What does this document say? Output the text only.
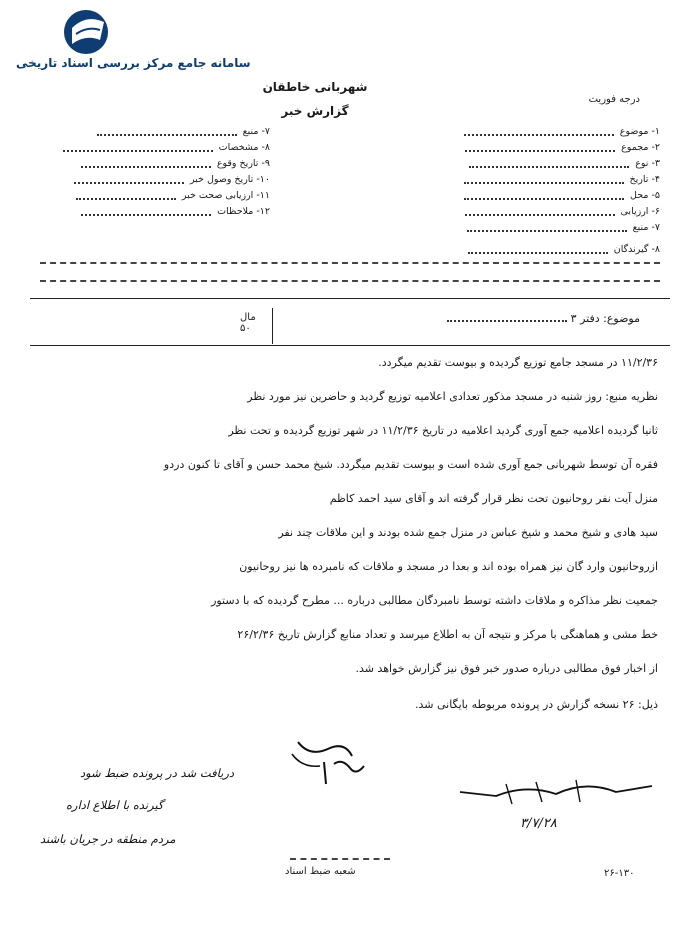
سامانه جامع مرکز بررسی اسناد تاریخی
شهربانی خاطقان
گزارش خبر
درجه فوریت
۷- منبع
۸- مشخصات
۹- تاریخ وقوع
۱۰- تاریخ وصول خبر
۱۱- ارزیابی صحت خبر
۱۲- ملاحظات
۱- موضوع
۲- مجموع
۳- نوع
۴- تاریخ
۵- محل
۶- ارزیابی
۷- منبع
۸- گیرندگان
موضوع: دفتر ۳
مال
۵۰
۱۱/۲/۳۶ در مسجد جامع توزیع گردیده و بیوست تقدیم میگردد.
نظریه منبع: روز شنبه در مسجد مذکور تعدادی اعلامیه توزیع گردید و حاضرین نیز مورد نظر
ثانیا گردیده اعلامیه جمع آوری گردید اعلامیه در تاریخ ۱۱/۲/۳۶ در شهر توزیع گردیده و تحت نظر
فقره آن توسط شهربانی جمع آوری شده است و بیوست تقدیم میگردد. شیخ محمد حسن و آقای تا کنون دردو
منزل آیت نفر روحانیون تحت نظر قرار گرفته اند و آقای سید احمد کاظم
سید هادی و شیخ محمد و شیخ عباس در منزل جمع شده بودند و این ملاقات چند نفر
ازروحانیون وارد گان نیز همراه بوده اند و بعدا در مسجد و ملاقات که نامبرده ها نیز روحانیون
جمعیت نظر مذاکره و ملاقات داشته توسط نامبردگان مطالبی درباره ... مطرح گردیده که با دستور
خط مشی و هماهنگی با مرکز و نتیجه آن به اطلاع میرسد و تعداد منابع گزارش تاریخ ۲۶/۲/۳۶
از اخبار فوق مطالبی درباره صدور خبر فوق نیز گزارش خواهد شد.
ذیل: ۲۶ نسخه گزارش در پرونده مربوطه بایگانی شد.
۳/۷/۲۸
دریافت شد در پرونده ضبط شود
گیرنده با اطلاع اداره
مردم منطقه در جریان باشند
شعبه ضبط اسناد	۲۶-۱۳۰
